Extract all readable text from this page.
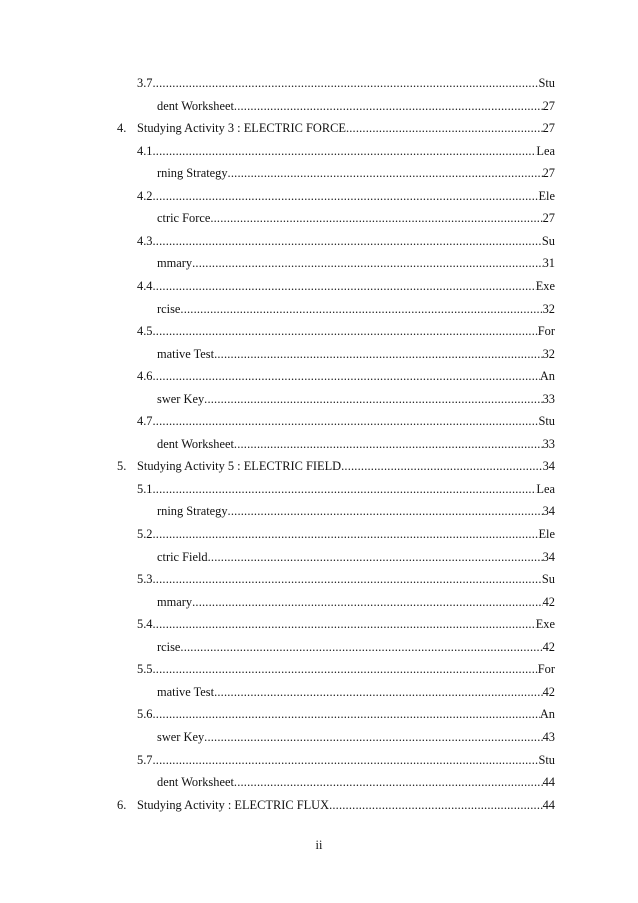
3.7 .....	Stu
dent Worksheet .....	27
4. Studying Activity 3 : ELECTRIC FORCE .....	27
4.1 .....	Lea
rning Strategy .....	27
4.2 .....	Ele
ctric Force .....	27
4.3 .....	Su
mmary .....	31
4.4 .....	Exe
rcise .....	32
4.5 .....	For
mative Test .....	32
4.6 .....	An
swer Key .....	33
4.7 .....	Stu
dent Worksheet .....	33
5. Studying Activity 5 : ELECTRIC FIELD .....	34
5.1 .....	Lea
rning Strategy .....	34
5.2 .....	Ele
ctric Field .....	34
5.3 .....	Su
mmary .....	42
5.4 .....	Exe
rcise .....	42
5.5 .....	For
mative Test .....	42
5.6 .....	An
swer Key .....	43
5.7 .....	Stu
dent Worksheet .....	44
6. Studying Activity : ELECTRIC FLUX .....	44
ii
